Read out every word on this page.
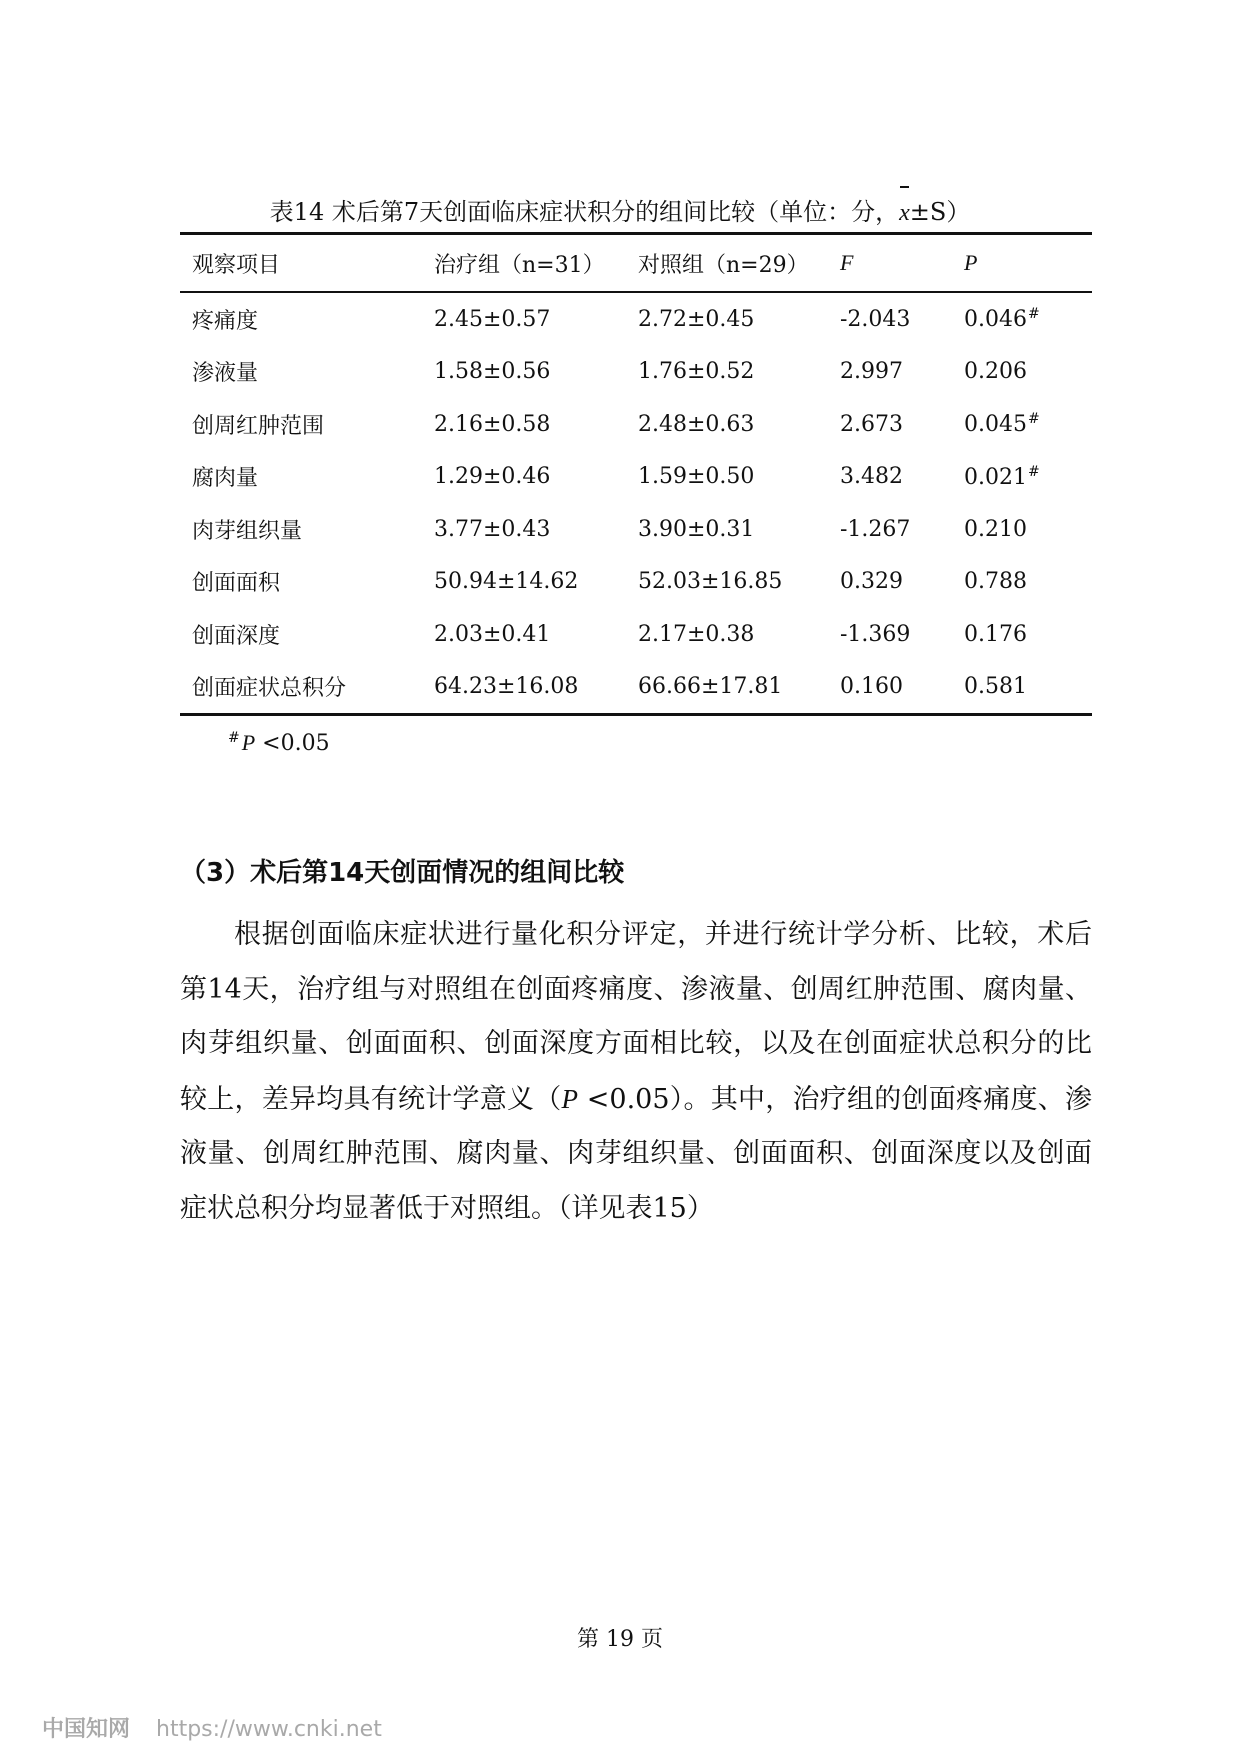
表14 术后第7天创面临床症状积分的组间比较（单位：分，x±S）
观察项目	治疗组（n=31）	对照组（n=29）	F	P
疼痛度	2.45±0.57	2.72±0.45	-2.043	0.046#
渗液量	1.58±0.56	1.76±0.52	2.997	0.206
创周红肿范围	2.16±0.58	2.48±0.63	2.673	0.045#
腐肉量	1.29±0.46	1.59±0.50	3.482	0.021#
肉芽组织量	3.77±0.43	3.90±0.31	-1.267	0.210
创面面积	50.94±14.62	52.03±16.85	0.329	0.788
创面深度	2.03±0.41	2.17±0.38	-1.369	0.176
创面症状总积分	64.23±16.08	66.66±17.81	0.160	0.581
#P <0.05
（3）术后第14天创面情况的组间比较

根据创面临床症状进行量化积分评定，并进行统计学分析、比较，术后第14天，治疗组与对照组在创面疼痛度、渗液量、创周红肿范围、腐肉量、肉芽组织量、创面面积、创面深度方面相比较，以及在创面症状总积分的比较上，差异均具有统计学意义（P <0.05）。其中，治疗组的创面疼痛度、渗液量、创周红肿范围、腐肉量、肉芽组织量、创面面积、创面深度以及创面症状总积分均显著低于对照组。（详见表15）

第 19 页
中国知网 https://www.cnki.net
